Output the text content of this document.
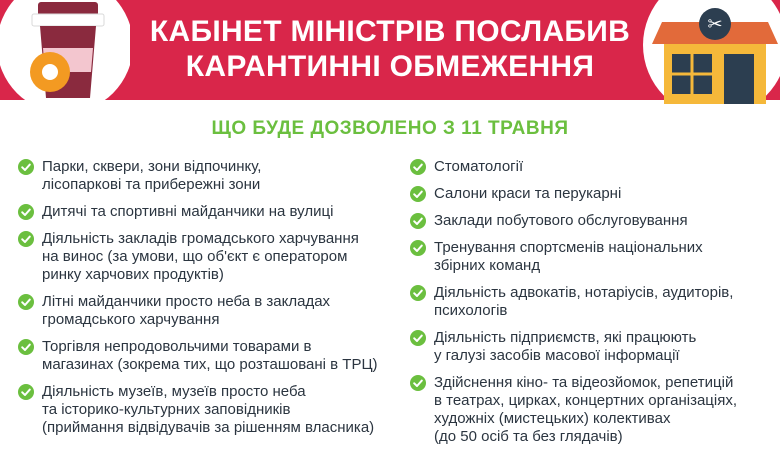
✂
КАБІНЕТ МІНІСТРІВ ПОСЛАБИВ
КАРАНТИННІ ОБМЕЖЕННЯ
ЩО БУДЕ ДОЗВОЛЕНО З 11 ТРАВНЯ
Парки, сквери, зони відпочинку,
лісопаркові та прибережні зони
Дитячі та спортивні майданчики на вулиці
Діяльність закладів громадського харчування
на винос (за умови, що об'єкт є оператором
ринку харчових продуктів)
Літні майданчики просто неба в закладах
громадського харчування
Торгівля непродовольчими товарами в
магазинах (зокрема тих, що розташовані в ТРЦ)
Діяльність музеїв, музеїв просто неба
та історико-культурних заповідників
(приймання відвідувачів за рішенням власника)
Стоматології
Салони краси та перукарні
Заклади побутового обслуговування
Тренування спортсменів національних
збірних команд
Діяльність адвокатів, нотаріусів, аудиторів,
психологів
Діяльність підприємств, які працюють
у галузі засобів масової інформації
Здійснення кіно- та відеозйомок, репетицій
в театрах, цирках, концертних організаціях,
художніх (мистецьких) колективах
(до 50 осіб та без глядачів)
